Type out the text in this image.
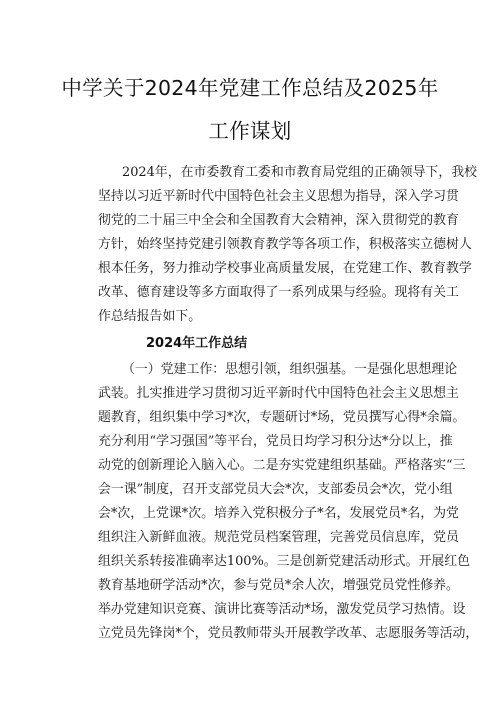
中学关于2024年党建工作总结及2025年
工作谋划
2024年，在市委教育工委和市教育局党组的正确领导下，我校
坚持以习近平新时代中国特色社会主义思想为指导，深入学习贯
彻党的二十届三中全会和全国教育大会精神，深入贯彻党的教育
方针，始终坚持党建引领教育教学等各项工作，积极落实立德树人
根本任务，努力推动学校事业高质量发展，在党建工作、教育教学
改革、德育建设等多方面取得了一系列成果与经验。现将有关工
作总结报告如下。
2024年工作总结
（一）党建工作：思想引领，组织强基。一是强化思想理论
武装。扎实推进学习贯彻习近平新时代中国特色社会主义思想主
题教育，组织集中学习*次，专题研讨*场，党员撰写心得*余篇。
充分利用“学习强国”等平台，党员日均学习积分达*分以上，推
动党的创新理论入脑入心。二是夯实党建组织基础。严格落实“三
会一课”制度，召开支部党员大会*次，支部委员会*次，党小组
会*次，上党课*次。培养入党积极分子*名，发展党员*名，为党
组织注入新鲜血液。规范党员档案管理，完善党员信息库，党员
组织关系转接准确率达100%。三是创新党建活动形式。开展红色
教育基地研学活动*次，参与党员*余人次，增强党员党性修养。
举办党建知识竞赛、演讲比赛等活动*场，激发党员学习热情。设
立党员先锋岗*个，党员教师带头开展教学改革、志愿服务等活动，
